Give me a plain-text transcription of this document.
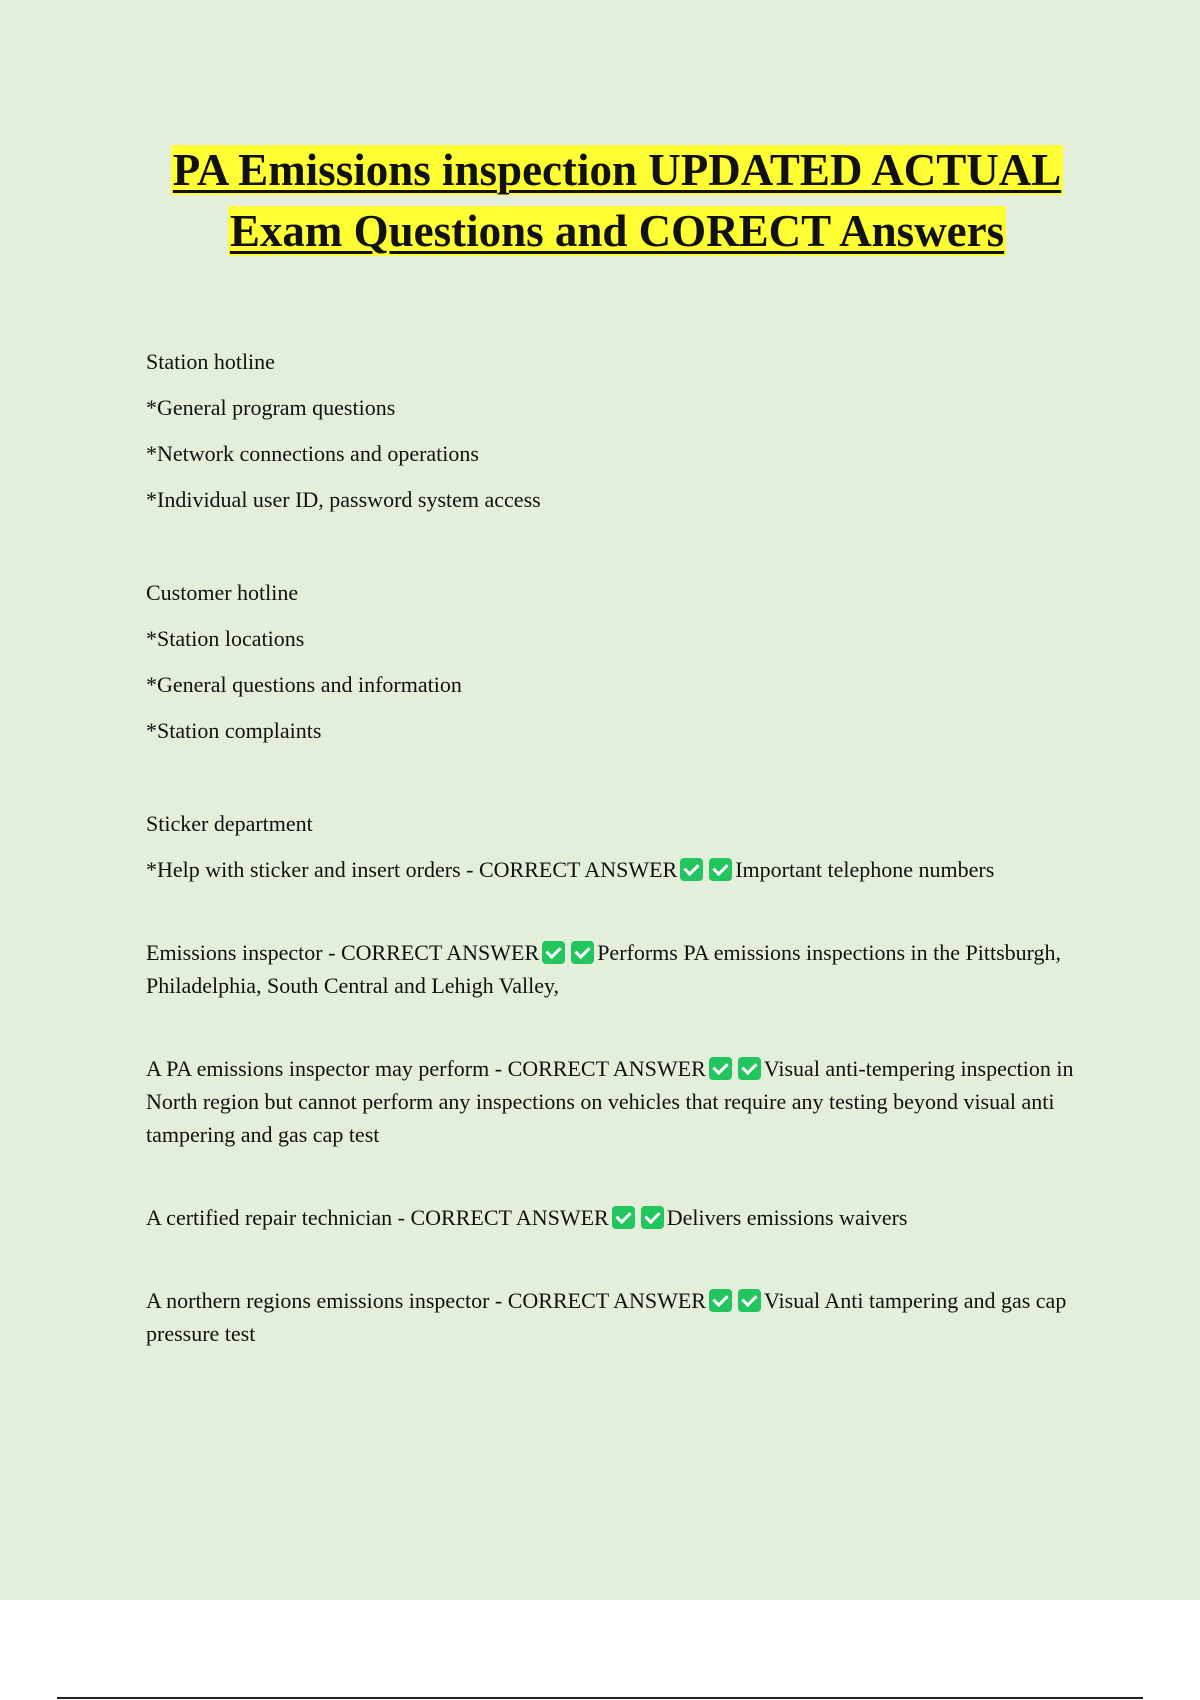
PA Emissions inspection UPDATED ACTUAL Exam Questions and CORECT Answers

Station hotline

*General program questions

*Network connections and operations

*Individual user ID, password system access

Customer hotline

*Station locations

*General questions and information

*Station complaints

Sticker department

*Help with sticker and insert orders - CORRECT ANSWER	Important telephone numbers

Emissions inspector - CORRECT ANSWER	Performs PA emissions inspections in the Pittsburgh, Philadelphia, South Central and Lehigh Valley,

A PA emissions inspector may perform - CORRECT ANSWER	Visual anti-tempering inspection in North region but cannot perform any inspections on vehicles that require any testing beyond visual anti tampering and gas cap test

A certified repair technician - CORRECT ANSWER	Delivers emissions waivers

A northern regions emissions inspector - CORRECT ANSWER	Visual Anti tampering and gas cap pressure test
